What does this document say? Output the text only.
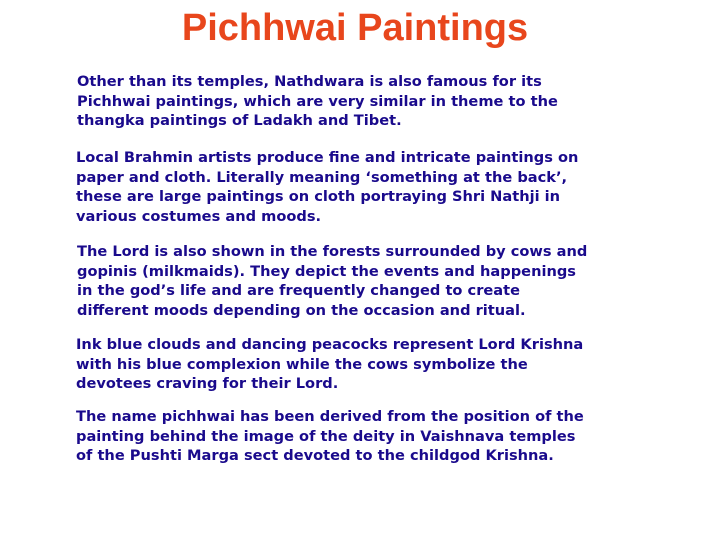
Pichhwai Paintings

Other than its temples, Nathdwara is also famous for its
Pichhwai paintings, which are very similar in theme to the
thangka paintings of Ladakh and Tibet.

Local Brahmin artists produce fine and intricate paintings on
paper and cloth. Literally meaning ‘something at the back’,
these are large paintings on cloth portraying Shri Nathji in
various costumes and moods.

The Lord is also shown in the forests surrounded by cows and
gopinis (milkmaids). They depict the events and happenings
in the god’s life and are frequently changed to create
different moods depending on the occasion and ritual.

Ink blue clouds and dancing peacocks represent Lord Krishna
with his blue complexion while the cows symbolize the
devotees craving for their Lord.

The name pichhwai has been derived from the position of the
painting behind the image of the deity in Vaishnava temples
of the Pushti Marga sect devoted to the childgod Krishna.
